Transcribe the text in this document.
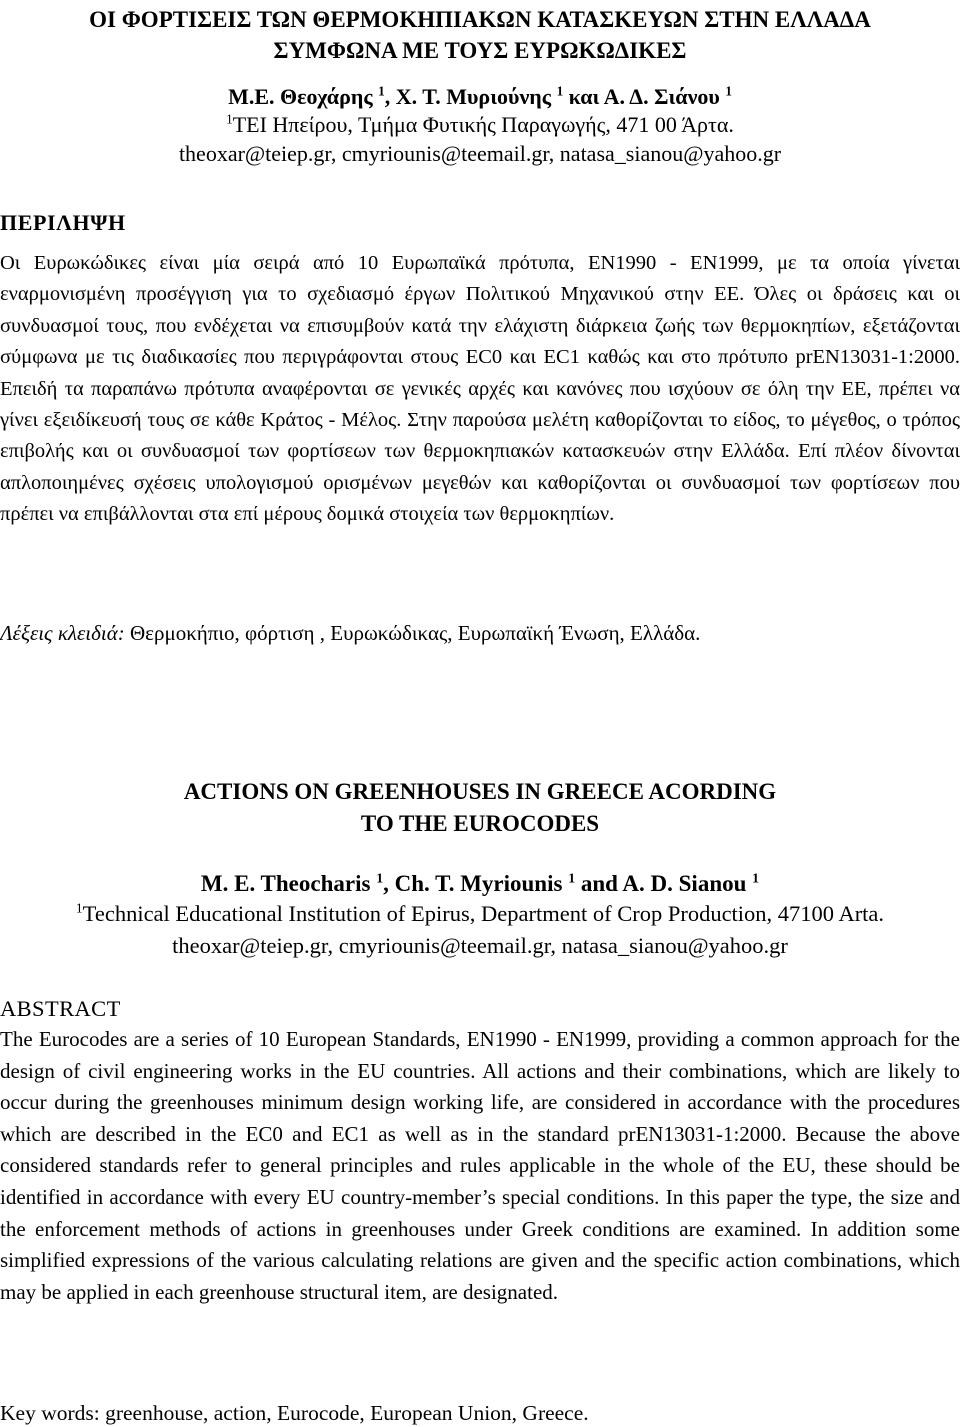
ΟΙ ΦΟΡΤΙΣΕΙΣ ΤΩΝ ΘΕΡΜΟΚΗΠΙΑΚΩΝ ΚΑΤΑΣΚΕΥΩΝ ΣΤΗΝ ΕΛΛΑΔΑ
ΣΥΜΦΩΝΑ ΜΕ ΤΟΥΣ ΕΥΡΩΚΩΔΙΚΕΣ
Μ.Ε. Θεοχάρης $^1$, Χ. Τ. Μυριούνης $^1$ και Α. Δ. Σιάνου $^1$
$^1$ΤΕΙ Ηπείρου, Τμήμα Φυτικής Παραγωγής, 471 00 Άρτα.
theoxar@teiep.gr, cmyriounis@teemail.gr, natasa_sianou@yahoo.gr
ΠΕΡΙΛΗΨΗ
Οι Ευρωκώδικες είναι μία σειρά από 10 Ευρωπαϊκά πρότυπα, ΕΝ1990 - ΕΝ1999, με τα οποία γίνεται εναρμονισμένη προσέγγιση για το σχεδιασμό έργων Πολιτικού Μηχανικού στην ΕΕ. Όλες οι δράσεις και οι συνδυασμοί τους, που ενδέχεται να επισυμβούν κατά την ελάχιστη διάρκεια ζωής των θερμοκηπίων, εξετάζονται σύμφωνα με τις διαδικασίες που περιγράφονται στους ΕC0 και EC1 καθώς και στο πρότυπο prEN13031-1:2000. Επειδή τα παραπάνω πρότυπα αναφέρονται σε γενικές αρχές και κανόνες που ισχύουν σε όλη την ΕΕ, πρέπει να γίνει εξειδίκευσή τους σε κάθε Κράτος - Μέλος. Στην παρούσα μελέτη καθορίζονται το είδος, το μέγεθος, ο τρόπος επιβολής και οι συνδυασμοί των φορτίσεων των θερμοκηπιακών κατασκευών στην Ελλάδα. Επί πλέον δίνονται απλοποιημένες σχέσεις υπολογισμού ορισμένων μεγεθών και καθορίζονται οι συνδυασμοί των φορτίσεων που πρέπει να επιβάλλονται στα επί μέρους δομικά στοιχεία των θερμοκηπίων.
Λέξεις κλειδιά: Θερμοκήπιο, φόρτιση , Ευρωκώδικας, Ευρωπαϊκή Ένωση, Ελλάδα.
ACTIONS ON GREENHOUSES IN GREECE ACORDING
TO THE EUROCODES
M. E. Theocharis $^1$, Ch. T. Myriounis $^1$ and A. D. Sianou $^1$
$^1$Technical Educational Institution of Epirus, Department of Crop Production, 47100 Arta.
theoxar@teiep.gr, cmyriounis@teemail.gr, natasa_sianou@yahoo.gr
ABSTRACT
The Eurocodes are a series of 10 European Standards, EN1990 - EN1999, providing a common approach for the design of civil engineering works in the EU countries. All actions and their combinations, which are likely to occur during the greenhouses minimum design working life, are considered in accordance with the procedures which are described in the EC0 and EC1 as well as in the standard prEN13031-1:2000. Because the above considered standards refer to general principles and rules applicable in the whole of the EU, these should be identified in accordance with every EU country-member’s special conditions. In this paper the type, the size and the enforcement methods of actions in greenhouses under Greek conditions are examined. In addition some simplified expressions of the various calculating relations are given and the specific action combinations, which may be applied in each greenhouse structural item, are designated.
Key words: greenhouse, action, Eurocode, European Union, Greece.
